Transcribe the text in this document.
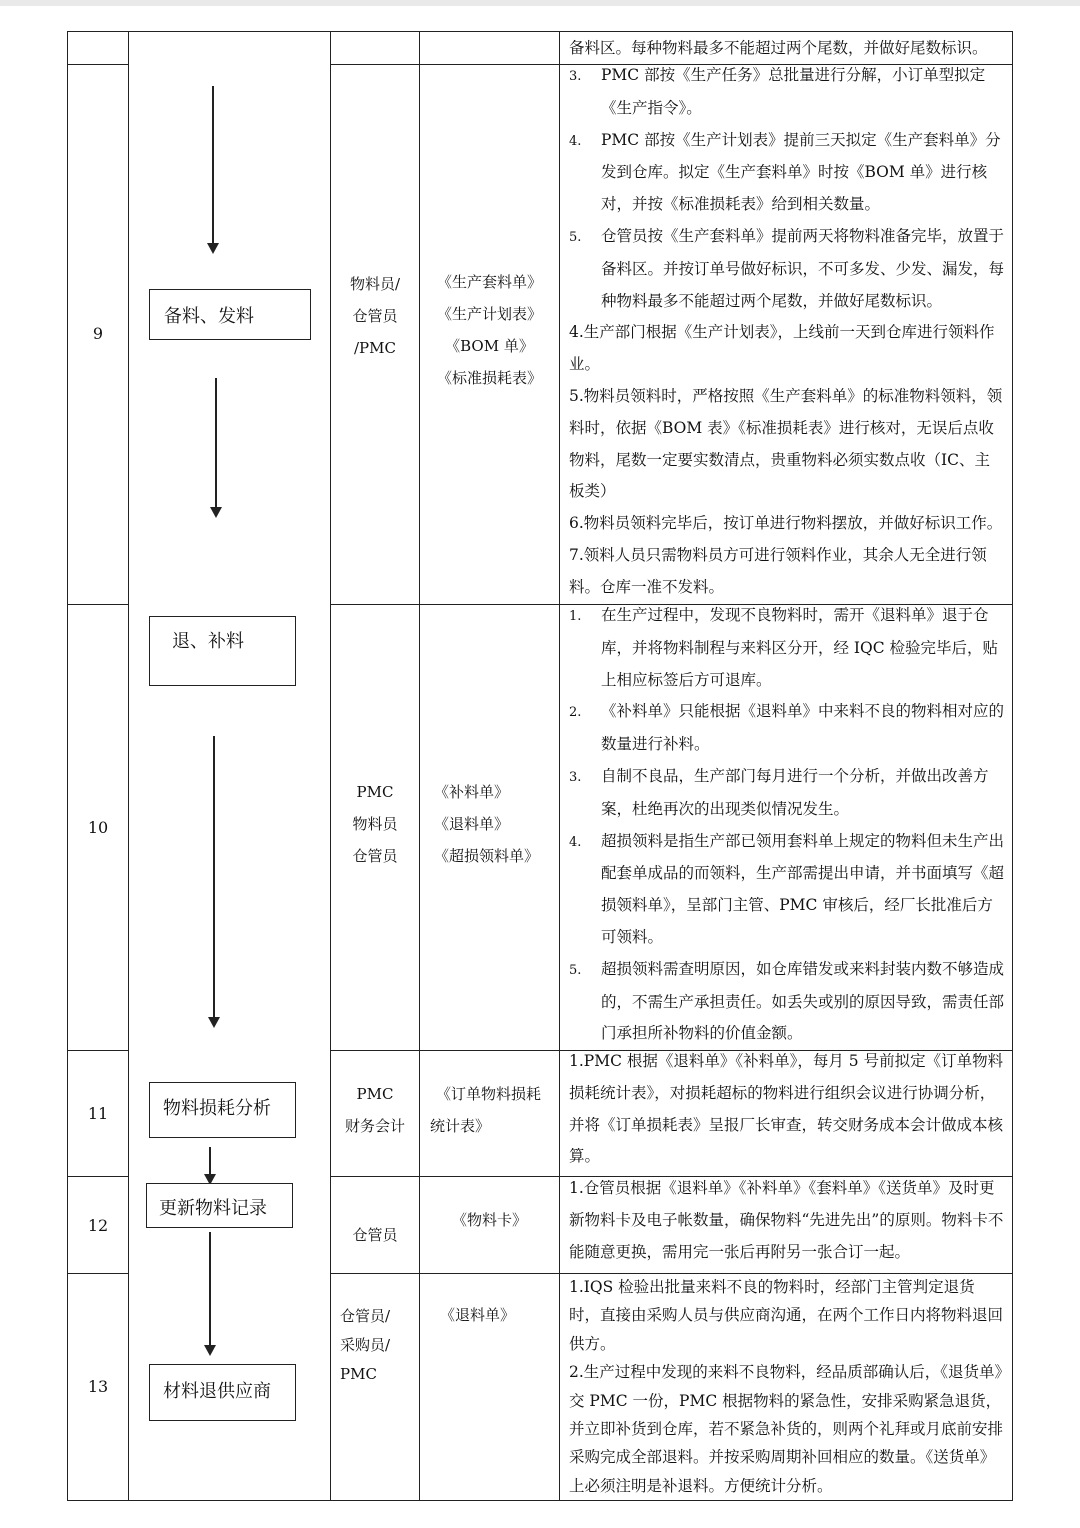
备料、发料
退、补料
物料损耗分析
更新物料记录
材料退供应商

备料区。每种物料最多不能超过两个尾数，并做好尾数标识。

9
物料员/
仓管员
/PMC
《生产套料单》
《生产计划表》
《BOM 单》
《标准损耗表》

3. PMC 部按《生产任务》总批量进行分解，小订单型拟定《生产指令》。

4. PMC 部按《生产计划表》提前三天拟定《生产套料单》分发到仓库。拟定《生产套料单》时按《BOM 单》进行核对，并按《标准损耗表》给到相关数量。

5. 仓管员按《生产套料单》提前两天将物料准备完毕，放置于备料区。并按订单号做好标识，不可多发、少发、漏发，每种物料最多不能超过两个尾数，并做好尾数标识。

4.生产部门根据《生产计划表》，上线前一天到仓库进行领料作业。

5.物料员领料时，严格按照《生产套料单》的标准物料领料，领料时，依据《BOM 表》《标准损耗表》进行核对，无误后点收物料，尾数一定要实数清点，贵重物料必须实数点收（IC、主板类）

6.物料员领料完毕后，按订单进行物料摆放，并做好标识工作。

7.领料人员只需物料员方可进行领料作业，其余人无全进行领料。仓库一准不发料。

10
PMC
物料员
仓管员
《补料单》
《退料单》
《超损领料单》

1. 在生产过程中，发现不良物料时，需开《退料单》退于仓库，并将物料制程与来料区分开，经 IQC 检验完毕后，贴上相应标签后方可退库。

2. 《补料单》只能根据《退料单》中来料不良的物料相对应的数量进行补料。

3. 自制不良品，生产部门每月进行一个分析，并做出改善方案，杜绝再次的出现类似情况发生。

4. 超损领料是指生产部已领用套料单上规定的物料但未生产出配套单成品的而领料，生产部需提出申请，并书面填写《超损领料单》，呈部门主管、PMC 审核后，经厂长批准后方可领料。

5. 超损领料需查明原因，如仓库错发或来料封装内数不够造成的，不需生产承担责任。如丢失或别的原因导致，需责任部门承担所补物料的价值金额。

11
PMC
财务会计
《订单物料损耗
统计表》

1.PMC 根据《退料单》《补料单》，每月 5 号前拟定《订单物料损耗统计表》，对损耗超标的物料进行组织会议进行协调分析，并将《订单损耗表》呈报厂长审查，转交财务成本会计做成本核算。

12	仓管员
《物料卡》

1.仓管员根据《退料单》《补料单》《套料单》《送货单》及时更新物料卡及电子帐数量，确保物料“先进先出”的原则。物料卡不能随意更换，需用完一张后再附另一张合订一起。

13
仓管员/
采购员/
PMC
《退料单》

1.IQS 检验出批量来料不良的物料时，经部门主管判定退货时，直接由采购人员与供应商沟通，在两个工作日内将物料退回供方。

2.生产过程中发现的来料不良物料，经品质部确认后，《退货单》交 PMC 一份，PMC 根据物料的紧急性，安排采购紧急退货，并立即补货到仓库，若不紧急补货的，则两个礼拜或月底前安排采购完成全部退料。并按采购周期补回相应的数量。《送货单》上必须注明是补退料。方便统计分析。
